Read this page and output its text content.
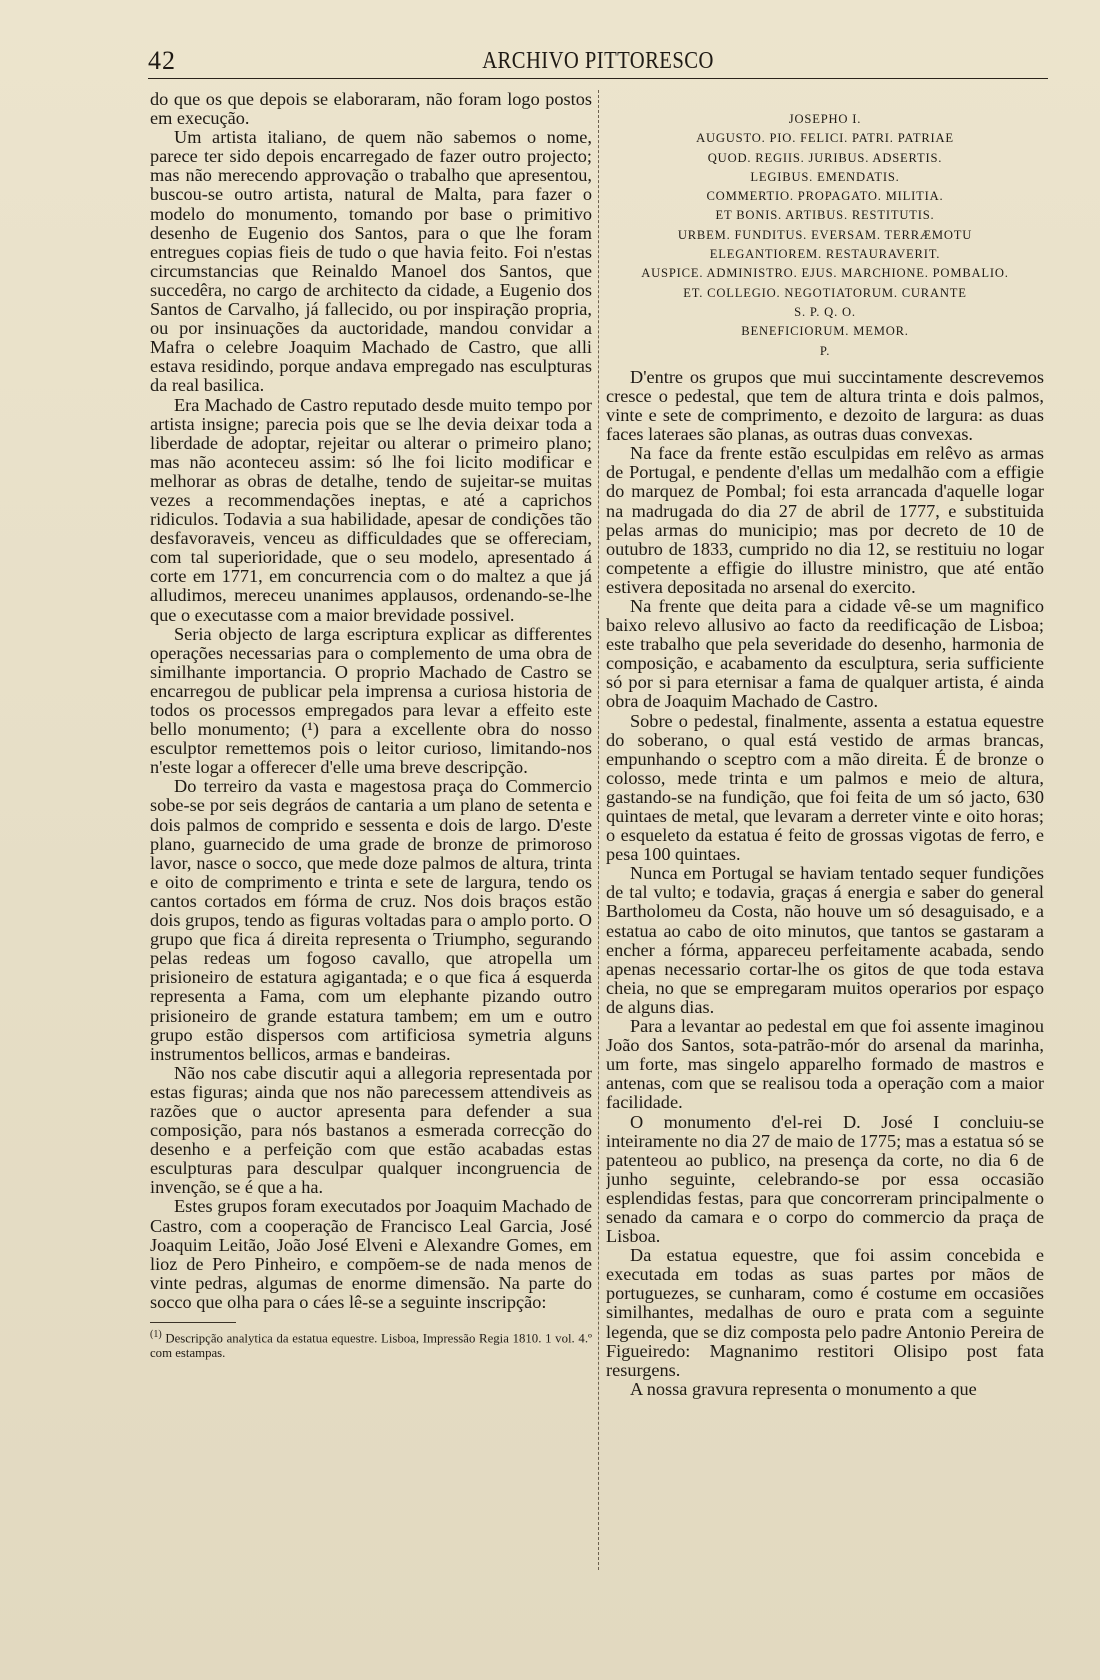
42	ARCHIVO PITTORESCO

do que os que depois se elaboraram, não foram logo postos em execução.

Um artista italiano, de quem não sabemos o nome, parece ter sido depois encarregado de fazer outro projecto; mas não merecendo approvação o trabalho que apresentou, buscou-se outro artista, natural de Malta, para fazer o modelo do monumento, tomando por base o primitivo desenho de Eugenio dos Santos, para o que lhe foram entregues copias fieis de tudo o que havia feito. Foi n'estas circumstancias que Reinaldo Manoel dos Santos, que succedêra, no cargo de architecto da cidade, a Eugenio dos Santos de Carvalho, já fallecido, ou por inspiração propria, ou por insinuações da auctoridade, mandou convidar a Mafra o celebre Joaquim Machado de Castro, que alli estava residindo, porque andava empregado nas esculpturas da real basilica.

Era Machado de Castro reputado desde muito tempo por artista insigne; parecia pois que se lhe devia deixar toda a liberdade de adoptar, rejeitar ou alterar o primeiro plano; mas não aconteceu assim: só lhe foi licito modificar e melhorar as obras de detalhe, tendo de sujeitar-se muitas vezes a recommendações ineptas, e até a caprichos ridiculos. Todavia a sua habilidade, apesar de condições tão desfavoraveis, venceu as difficuldades que se offereciam, com tal superioridade, que o seu modelo, apresentado á corte em 1771, em concurrencia com o do maltez a que já alludimos, mereceu unanimes applausos, ordenando-se-lhe que o executasse com a maior brevidade possivel.

Seria objecto de larga escriptura explicar as differentes operações necessarias para o complemento de uma obra de similhante importancia. O proprio Machado de Castro se encarregou de publicar pela imprensa a curiosa historia de todos os processos empregados para levar a effeito este bello monumento; (¹) para a excellente obra do nosso esculptor remettemos pois o leitor curioso, limitando-nos n'este logar a offerecer d'elle uma breve descripção.

Do terreiro da vasta e magestosa praça do Commercio sobe-se por seis degráos de cantaria a um plano de setenta e dois palmos de comprido e sessenta e dois de largo. D'este plano, guarnecido de uma grade de bronze de primoroso lavor, nasce o socco, que mede doze palmos de altura, trinta e oito de comprimento e trinta e sete de largura, tendo os cantos cortados em fórma de cruz. Nos dois braços estão dois grupos, tendo as figuras voltadas para o amplo porto. O grupo que fica á direita representa o Triumpho, segurando pelas redeas um fogoso cavallo, que atropella um prisioneiro de estatura agigantada; e o que fica á esquerda representa a Fama, com um elephante pizando outro prisioneiro de grande estatura tambem; em um e outro grupo estão dispersos com artificiosa symetria alguns instrumentos bellicos, armas e bandeiras.

Não nos cabe discutir aqui a allegoria representada por estas figuras; ainda que nos não parecessem attendiveis as razões que o auctor apresenta para defender a sua composição, para nós bastanos a esmerada correcção do desenho e a perfeição com que estão acabadas estas esculpturas para desculpar qualquer incongruencia de invenção, se é que a ha.

Estes grupos foram executados por Joaquim Machado de Castro, com a cooperação de Francisco Leal Garcia, José Joaquim Leitão, João José Elveni e Alexandre Gomes, em lioz de Pero Pinheiro, e compõem-se de nada menos de vinte pedras, algumas de enorme dimensão. Na parte do socco que olha para o cáes lê-se a seguinte inscripção:

$^{(1)}$ Descripção analytica da estatua equestre. Lisboa, Impressão Regia 1810. 1 vol. 4.º com estampas.
JOSEPHO I.
AUGUSTO. PIO. FELICI. PATRI. PATRIAE
QUOD. REGIIS. JURIBUS. ADSERTIS.
LEGIBUS. EMENDATIS.
COMMERTIO. PROPAGATO. MILITIA.
ET BONIS. ARTIBUS. RESTITUTIS.
URBEM. FUNDITUS. EVERSAM. TERRÆMOTU
ELEGANTIOREM. RESTAURAVERIT.
AUSPICE. ADMINISTRO. EJUS. MARCHIONE. POMBALIO.
ET. COLLEGIO. NEGOTIATORUM. CURANTE
S. P. Q. O.
BENEFICIORUM. MEMOR.
P.

D'entre os grupos que mui succintamente descrevemos cresce o pedestal, que tem de altura trinta e dois palmos, vinte e sete de comprimento, e dezoito de largura: as duas faces lateraes são planas, as outras duas convexas.

Na face da frente estão esculpidas em relêvo as armas de Portugal, e pendente d'ellas um medalhão com a effigie do marquez de Pombal; foi esta arrancada d'aquelle logar na madrugada do dia 27 de abril de 1777, e substituida pelas armas do municipio; mas por decreto de 10 de outubro de 1833, cumprido no dia 12, se restituiu no logar competente a effigie do illustre ministro, que até então estivera depositada no arsenal do exercito.

Na frente que deita para a cidade vê-se um magnifico baixo relevo allusivo ao facto da reedificação de Lisboa; este trabalho que pela severidade do desenho, harmonia de composição, e acabamento da esculptura, seria sufficiente só por si para eternisar a fama de qualquer artista, é ainda obra de Joaquim Machado de Castro.

Sobre o pedestal, finalmente, assenta a estatua equestre do soberano, o qual está vestido de armas brancas, empunhando o sceptro com a mão direita. É de bronze o colosso, mede trinta e um palmos e meio de altura, gastando-se na fundição, que foi feita de um só jacto, 630 quintaes de metal, que levaram a derreter vinte e oito horas; o esqueleto da estatua é feito de grossas vigotas de ferro, e pesa 100 quintaes.

Nunca em Portugal se haviam tentado sequer fundições de tal vulto; e todavia, graças á energia e saber do general Bartholomeu da Costa, não houve um só desaguisado, e a estatua ao cabo de oito minutos, que tantos se gastaram a encher a fórma, appareceu perfeitamente acabada, sendo apenas necessario cortar-lhe os gitos de que toda estava cheia, no que se empregaram muitos operarios por espaço de alguns dias.

Para a levantar ao pedestal em que foi assente imaginou João dos Santos, sota-patrão-mór do arsenal da marinha, um forte, mas singelo apparelho formado de mastros e antenas, com que se realisou toda a operação com a maior facilidade.

O monumento d'el-rei D. José I concluiu-se inteiramente no dia 27 de maio de 1775; mas a estatua só se patenteou ao publico, na presença da corte, no dia 6 de junho seguinte, celebrando-se por essa occasião esplendidas festas, para que concorreram principalmente o senado da camara e o corpo do commercio da praça de Lisboa.

Da estatua equestre, que foi assim concebida e executada em todas as suas partes por mãos de portuguezes, se cunharam, como é costume em occasiões similhantes, medalhas de ouro e prata com a seguinte legenda, que se diz composta pelo padre Antonio Pereira de Figueiredo: Magnanimo restitori Olisipo post fata resurgens.

A nossa gravura representa o monumento a que
